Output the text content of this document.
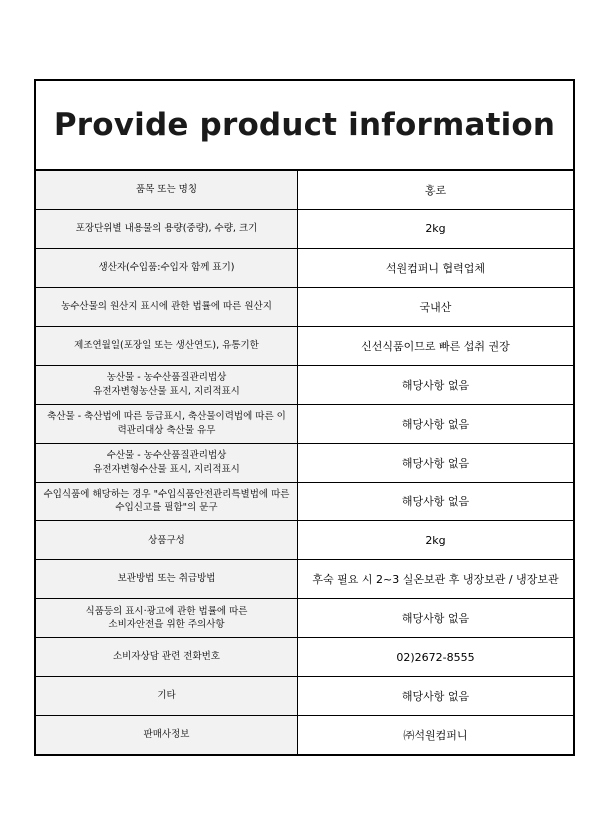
Provide product information
품목 또는 명칭	홍로
포장단위별 내용물의 용량(중량), 수량, 크기	2kg
생산자(수입품:수입자 함께 표기)	석원컴퍼니 협력업체
농수산물의 원산지 표시에 관한 법률에 따른 원산지	국내산
제조연월일(포장일 또는 생산연도), 유통기한	신선식품이므로 빠른 섭취 권장
농산물 - 농수산품질관리법상
유전자변형농산물 표시, 지리적표시	해당사항 없음
축산물 - 축산법에 따른 등급표시, 축산물이력법에 따른 이
력관리대상 축산물 유무	해당사항 없음
수산물 - 농수산품질관리법상
유전자변형수산물 표시, 지리적표시	해당사항 없음
수입식품에 해당하는 경우 "수입식품안전관리특별법에 따른
수입신고를 필함"의 문구	해당사항 없음
상품구성	2kg
보관방법 또는 취급방법	후숙 필요 시 2~3 실온보관 후 냉장보관 / 냉장보관
식품등의 표시·광고에 관한 법률에 따른
소비자안전을 위한 주의사항	해당사항 없음
소비자상담 관련 전화번호	02)2672-8555
기타	해당사항 없음
판매사정보	㈜석원컴퍼니
